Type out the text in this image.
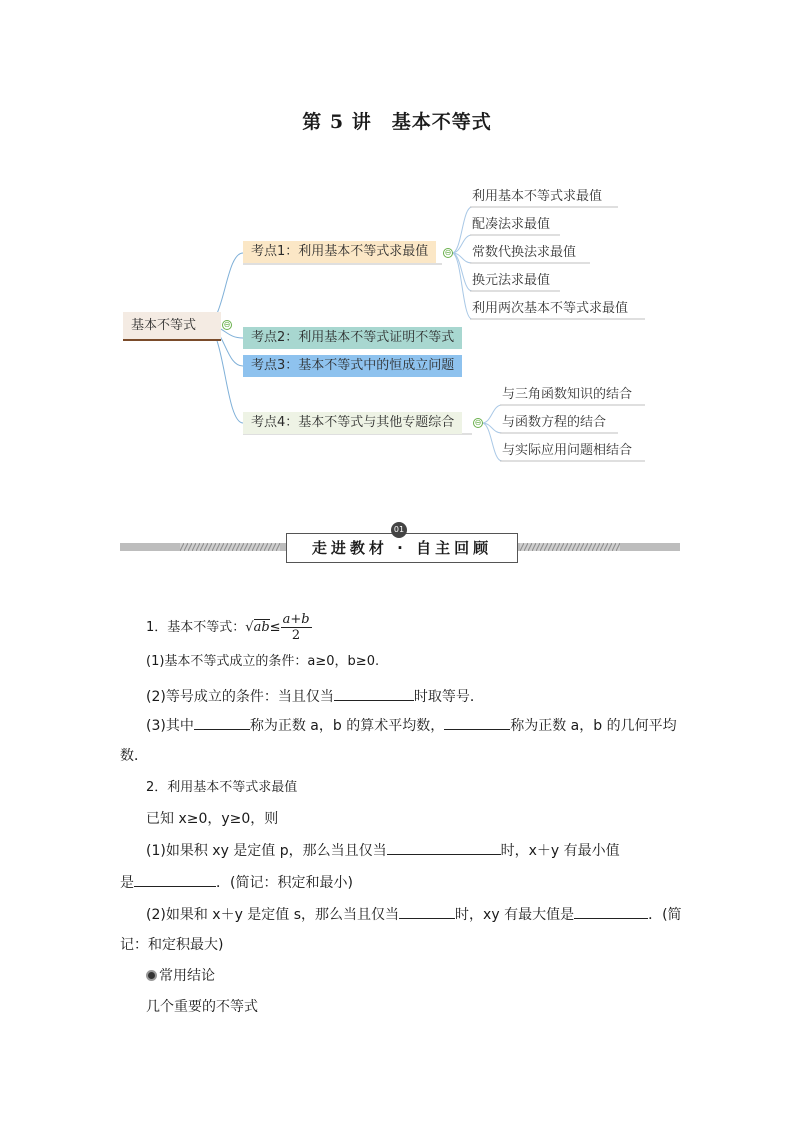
第 5 讲　基本不等式
基本不等式	⊖
考点1：利用基本不等式求最值	⊖
考点2：利用基本不等式证明不等式
考点3：基本不等式中的恒成立问题
考点4：基本不等式与其他专题综合	⊖
利用基本不等式求最值
配凑法求最值
常数代换法求最值
换元法求最值
利用两次基本不等式求最值
与三角函数知识的结合
与函数方程的结合
与实际应用问题相结合
走进教材 · 自主回顾
01
1．基本不等式：$√ab\le \frac{a+b}{2}$
(1)基本不等式成立的条件：a≥0，b≥0.
(2)等号成立的条件：当且仅当	时取等号．
(3)其中	称为正数 a，b 的算术平均数，	称为正数 a，b 的几何平均
数．
2．利用基本不等式求最值
已知 x≥0，y≥0，则
(1)如果积 xy 是定值 p，那么当且仅当	时，x＋y 有最小值
是	．(简记：积定和最小)
(2)如果和 x＋y 是定值 s，那么当且仅当	时，xy 有最大值是	．(简
记：和定积最大)
常用结论
几个重要的不等式
